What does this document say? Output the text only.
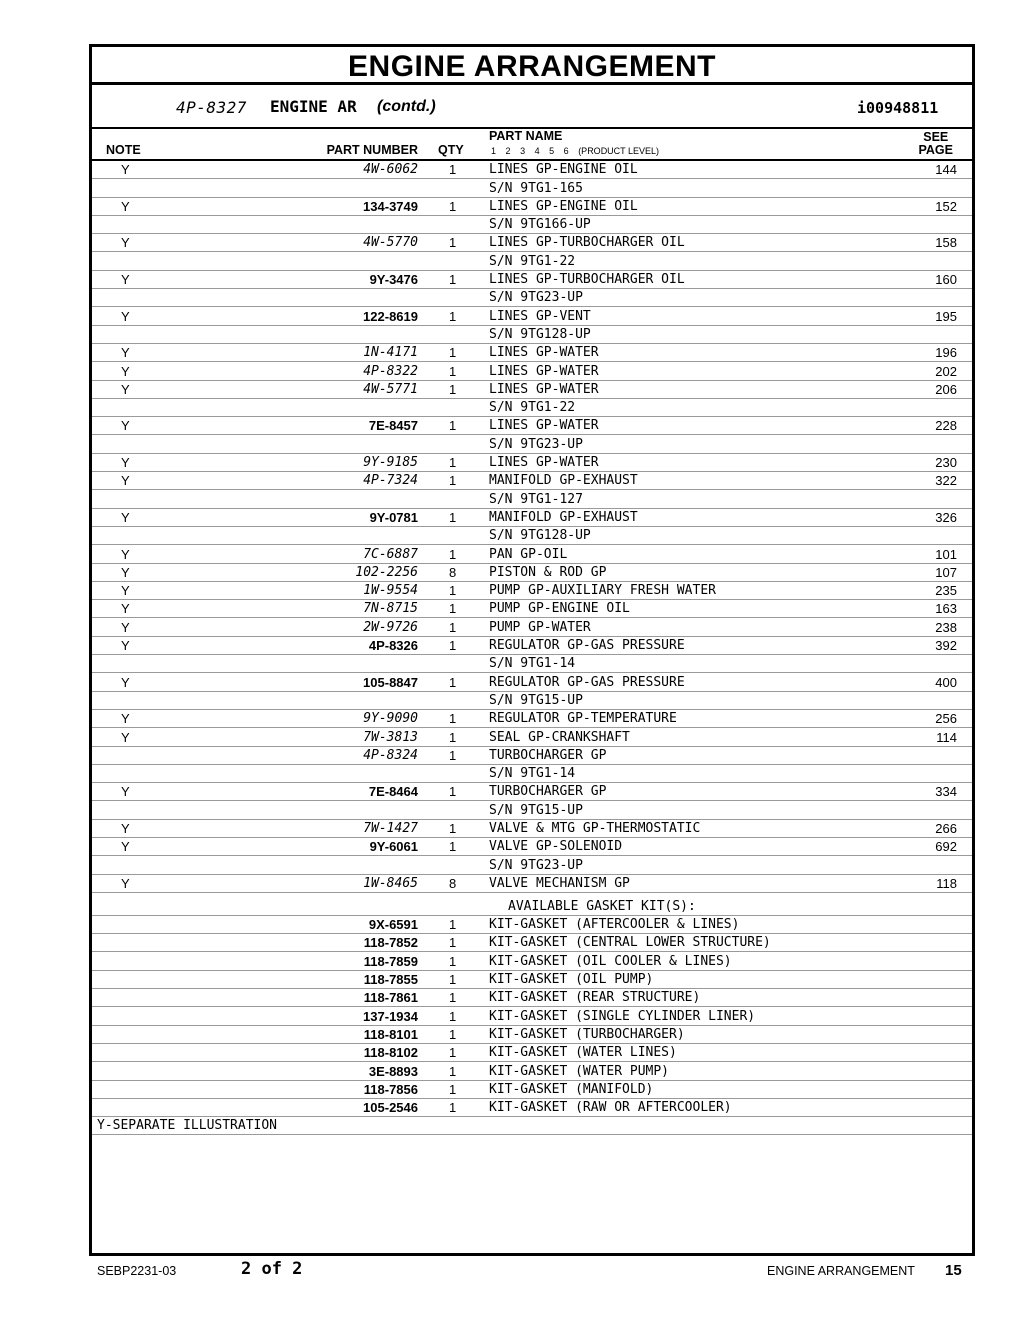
ENGINE ARRANGEMENT
4P-8327 ENGINE AR (contd.)	i00948811
NOTE	PART NUMBER QTY
PART NAME
1 2 3 4 5 6 (PRODUCT LEVEL)
SEE
PAGE
Y	4W-6062 1	LINES GP-ENGINE OIL	144
S/N 9TG1-165
Y	134-3749 1	LINES GP-ENGINE OIL	152
S/N 9TG166-UP
Y	4W-5770 1	LINES GP-TURBOCHARGER OIL	158
S/N 9TG1-22
Y	9Y-3476 1	LINES GP-TURBOCHARGER OIL	160
S/N 9TG23-UP
Y	122-8619 1	LINES GP-VENT	195
S/N 9TG128-UP
Y	1N-4171 1	LINES GP-WATER	196
Y	4P-8322 1	LINES GP-WATER	202
Y	4W-5771 1	LINES GP-WATER	206
S/N 9TG1-22
Y	7E-8457 1	LINES GP-WATER	228
S/N 9TG23-UP
Y	9Y-9185 1	LINES GP-WATER	230
Y	4P-7324 1	MANIFOLD GP-EXHAUST	322
S/N 9TG1-127
Y	9Y-0781 1	MANIFOLD GP-EXHAUST	326
S/N 9TG128-UP
Y	7C-6887 1	PAN GP-OIL	101
Y	102-2256 8	PISTON & ROD GP	107
Y	1W-9554 1	PUMP GP-AUXILIARY FRESH WATER	235
Y	7N-8715 1	PUMP GP-ENGINE OIL	163
Y	2W-9726 1	PUMP GP-WATER	238
Y	4P-8326 1	REGULATOR GP-GAS PRESSURE	392
S/N 9TG1-14
Y	105-8847 1	REGULATOR GP-GAS PRESSURE	400
S/N 9TG15-UP
Y	9Y-9090 1	REGULATOR GP-TEMPERATURE	256
Y	7W-3813 1	SEAL GP-CRANKSHAFT	114
4P-8324 1	TURBOCHARGER GP
S/N 9TG1-14
Y	7E-8464 1	TURBOCHARGER GP	334
S/N 9TG15-UP
Y	7W-1427 1	VALVE & MTG GP-THERMOSTATIC	266
Y	9Y-6061 1	VALVE GP-SOLENOID	692
S/N 9TG23-UP
Y	1W-8465 8	VALVE MECHANISM GP	118
AVAILABLE GASKET KIT(S):
9X-6591 1	KIT-GASKET (AFTERCOOLER & LINES)
118-7852 1	KIT-GASKET (CENTRAL LOWER STRUCTURE)
118-7859 1	KIT-GASKET (OIL COOLER & LINES)
118-7855 1	KIT-GASKET (OIL PUMP)
118-7861 1	KIT-GASKET (REAR STRUCTURE)
137-1934 1	KIT-GASKET (SINGLE CYLINDER LINER)
118-8101 1	KIT-GASKET (TURBOCHARGER)
118-8102 1	KIT-GASKET (WATER LINES)
3E-8893 1	KIT-GASKET (WATER PUMP)
118-7856 1	KIT-GASKET (MANIFOLD)
105-2546 1	KIT-GASKET (RAW OR AFTERCOOLER)
Y-SEPARATE ILLUSTRATION
SEBP2231-03	2 of 2	ENGINE ARRANGEMENT 15
